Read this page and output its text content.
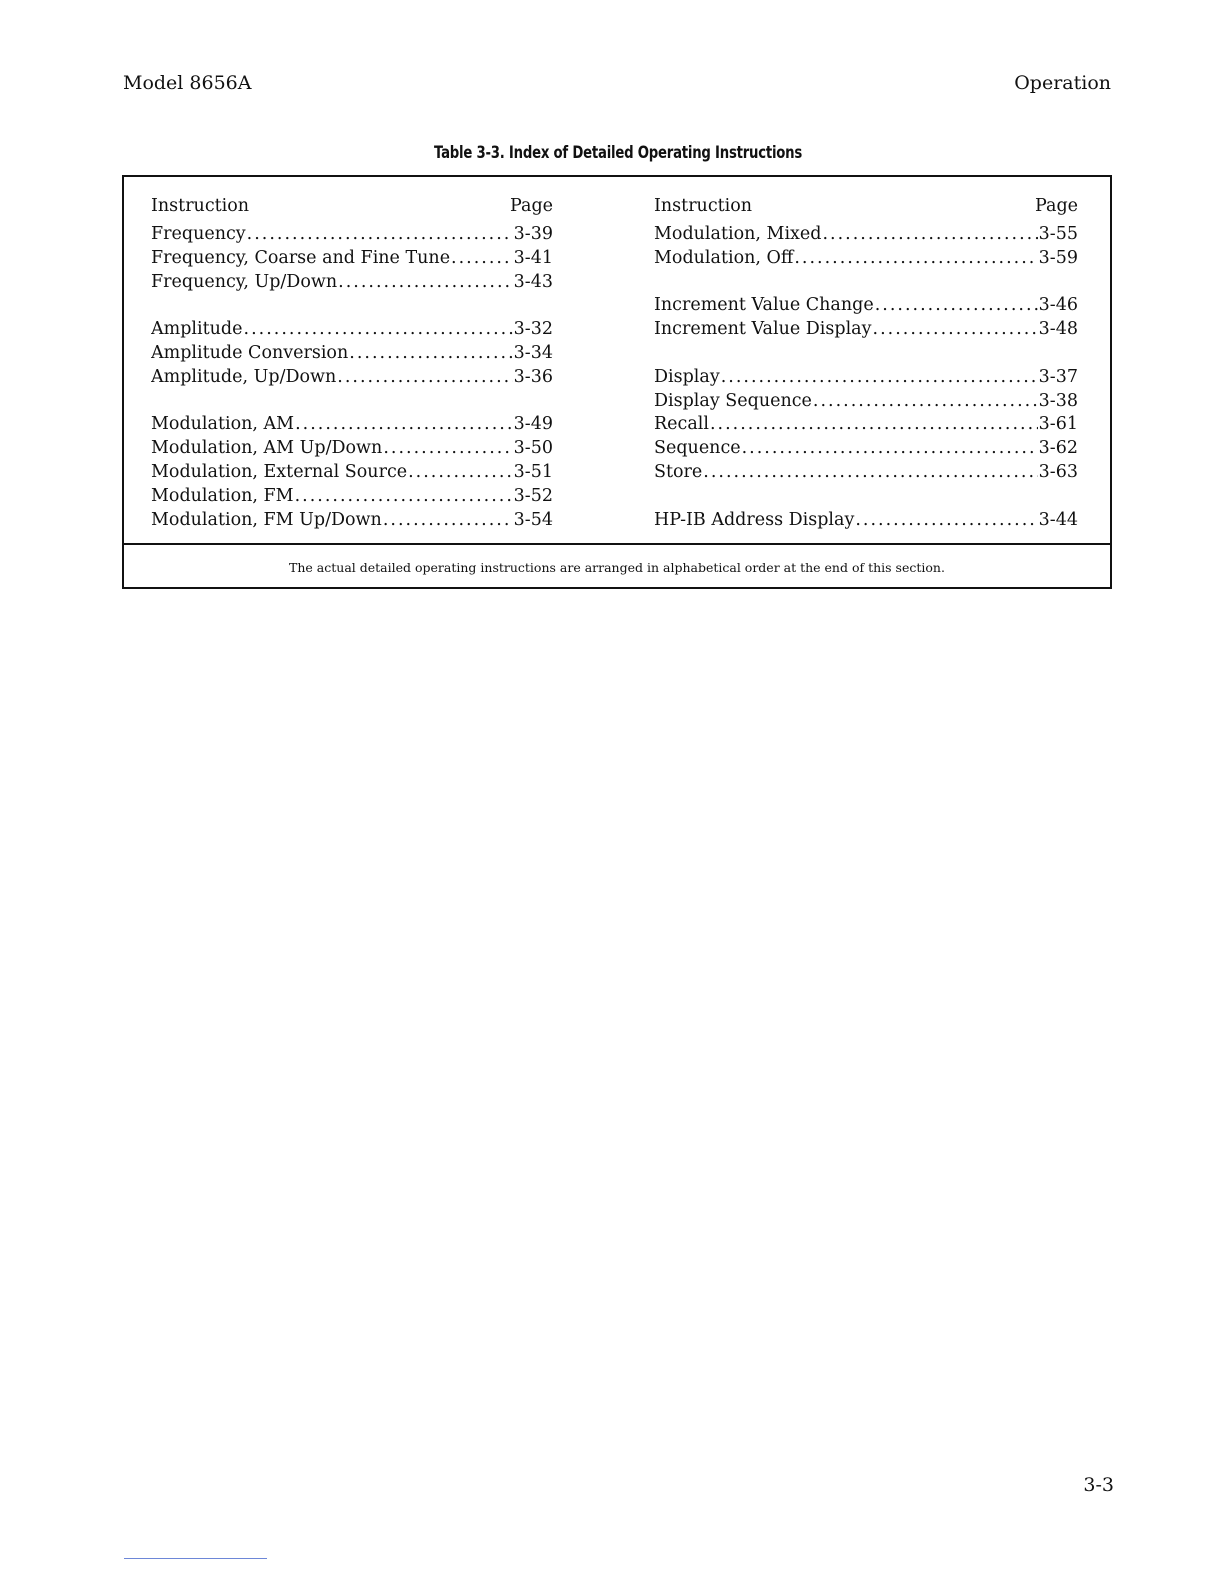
Model 8656A	Operation
Table 3-3. Index of Detailed Operating Instructions
Instruction	Page
Frequency .....	3-39
Frequency, Coarse and Fine Tune .....	3-41
Frequency, Up/Down .....	3-43
Amplitude .....	3-32
Amplitude Conversion .....	3-34
Amplitude, Up/Down .....	3-36
Modulation, AM .....	3-49
Modulation, AM Up/Down .....	3-50
Modulation, External Source .....	3-51
Modulation, FM .....	3-52
Modulation, FM Up/Down .....	3-54
Instruction	Page
Modulation, Mixed .....	3-55
Modulation, Off .....	3-59
Increment Value Change .....	3-46
Increment Value Display .....	3-48
Display .....	3-37
Display Sequence .....	3-38
Recall .....	3-61
Sequence .....	3-62
Store .....	3-63
HP-IB Address Display .....	3-44
The actual detailed operating instructions are arranged in alphabetical order at the end of this section.
3-3
